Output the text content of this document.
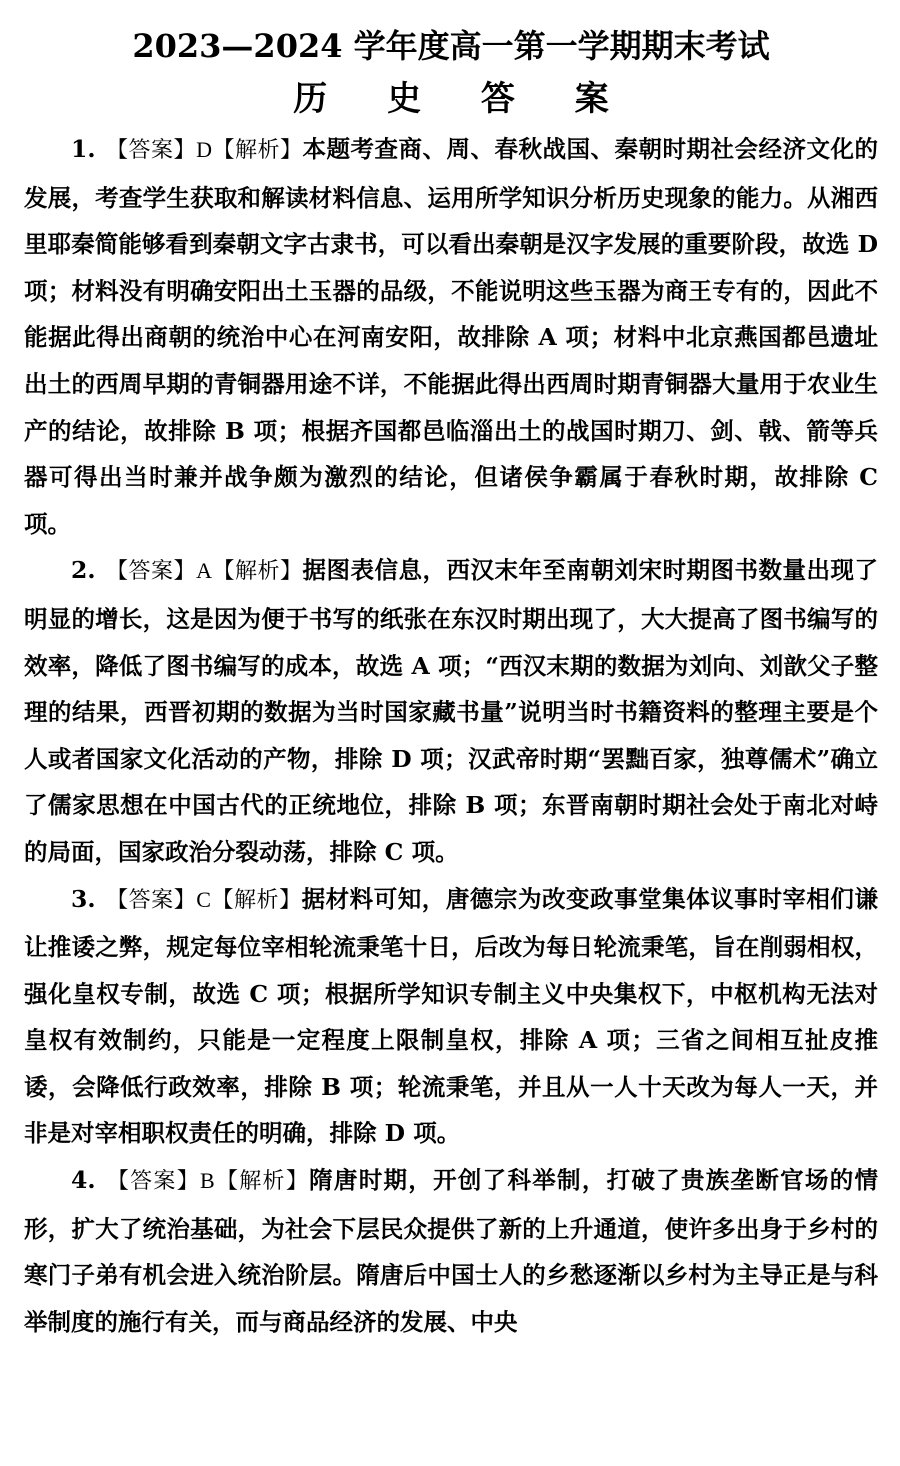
2023—2024 学年度高一第一学期期末考试
历 史 答 案

1. 【答案】D【解析】本题考查商、周、春秋战国、秦朝时期社会经济文化的发展，考查学生获取和解读材料信息、运用所学知识分析历史现象的能力。从湘西里耶秦简能够看到秦朝文字古隶书，可以看出秦朝是汉字发展的重要阶段，故选 D 项；材料没有明确安阳出土玉器的品级，不能说明这些玉器为商王专有的，因此不能据此得出商朝的统治中心在河南安阳，故排除 A 项；材料中北京燕国都邑遗址出土的西周早期的青铜器用途不详，不能据此得出西周时期青铜器大量用于农业生产的结论，故排除 B 项；根据齐国都邑临淄出土的战国时期刀、剑、戟、箭等兵器可得出当时兼并战争颇为激烈的结论，但诸侯争霸属于春秋时期，故排除 C 项。

2. 【答案】A【解析】据图表信息，西汉末年至南朝刘宋时期图书数量出现了明显的增长，这是因为便于书写的纸张在东汉时期出现了，大大提高了图书编写的效率，降低了图书编写的成本，故选 A 项；“西汉末期的数据为刘向、刘歆父子整理的结果，西晋初期的数据为当时国家藏书量”说明当时书籍资料的整理主要是个人或者国家文化活动的产物，排除 D 项；汉武帝时期“罢黜百家，独尊儒术”确立了儒家思想在中国古代的正统地位，排除 B 项；东晋南朝时期社会处于南北对峙的局面，国家政治分裂动荡，排除 C 项。

3. 【答案】C【解析】据材料可知，唐德宗为改变政事堂集体议事时宰相们谦让推诿之弊，规定每位宰相轮流秉笔十日，后改为每日轮流秉笔，旨在削弱相权，强化皇权专制，故选 C 项；根据所学知识专制主义中央集权下，中枢机构无法对皇权有效制约，只能是一定程度上限制皇权，排除 A 项；三省之间相互扯皮推诿，会降低行政效率，排除 B 项；轮流秉笔，并且从一人十天改为每人一天，并非是对宰相职权责任的明确，排除 D 项。

4. 【答案】B【解析】隋唐时期，开创了科举制，打破了贵族垄断官场的情形，扩大了统治基础，为社会下层民众提供了新的上升通道，使许多出身于乡村的寒门子弟有机会进入统治阶层。隋唐后中国士人的乡愁逐渐以乡村为主导正是与科举制度的施行有关，而与商品经济的发展、中央
